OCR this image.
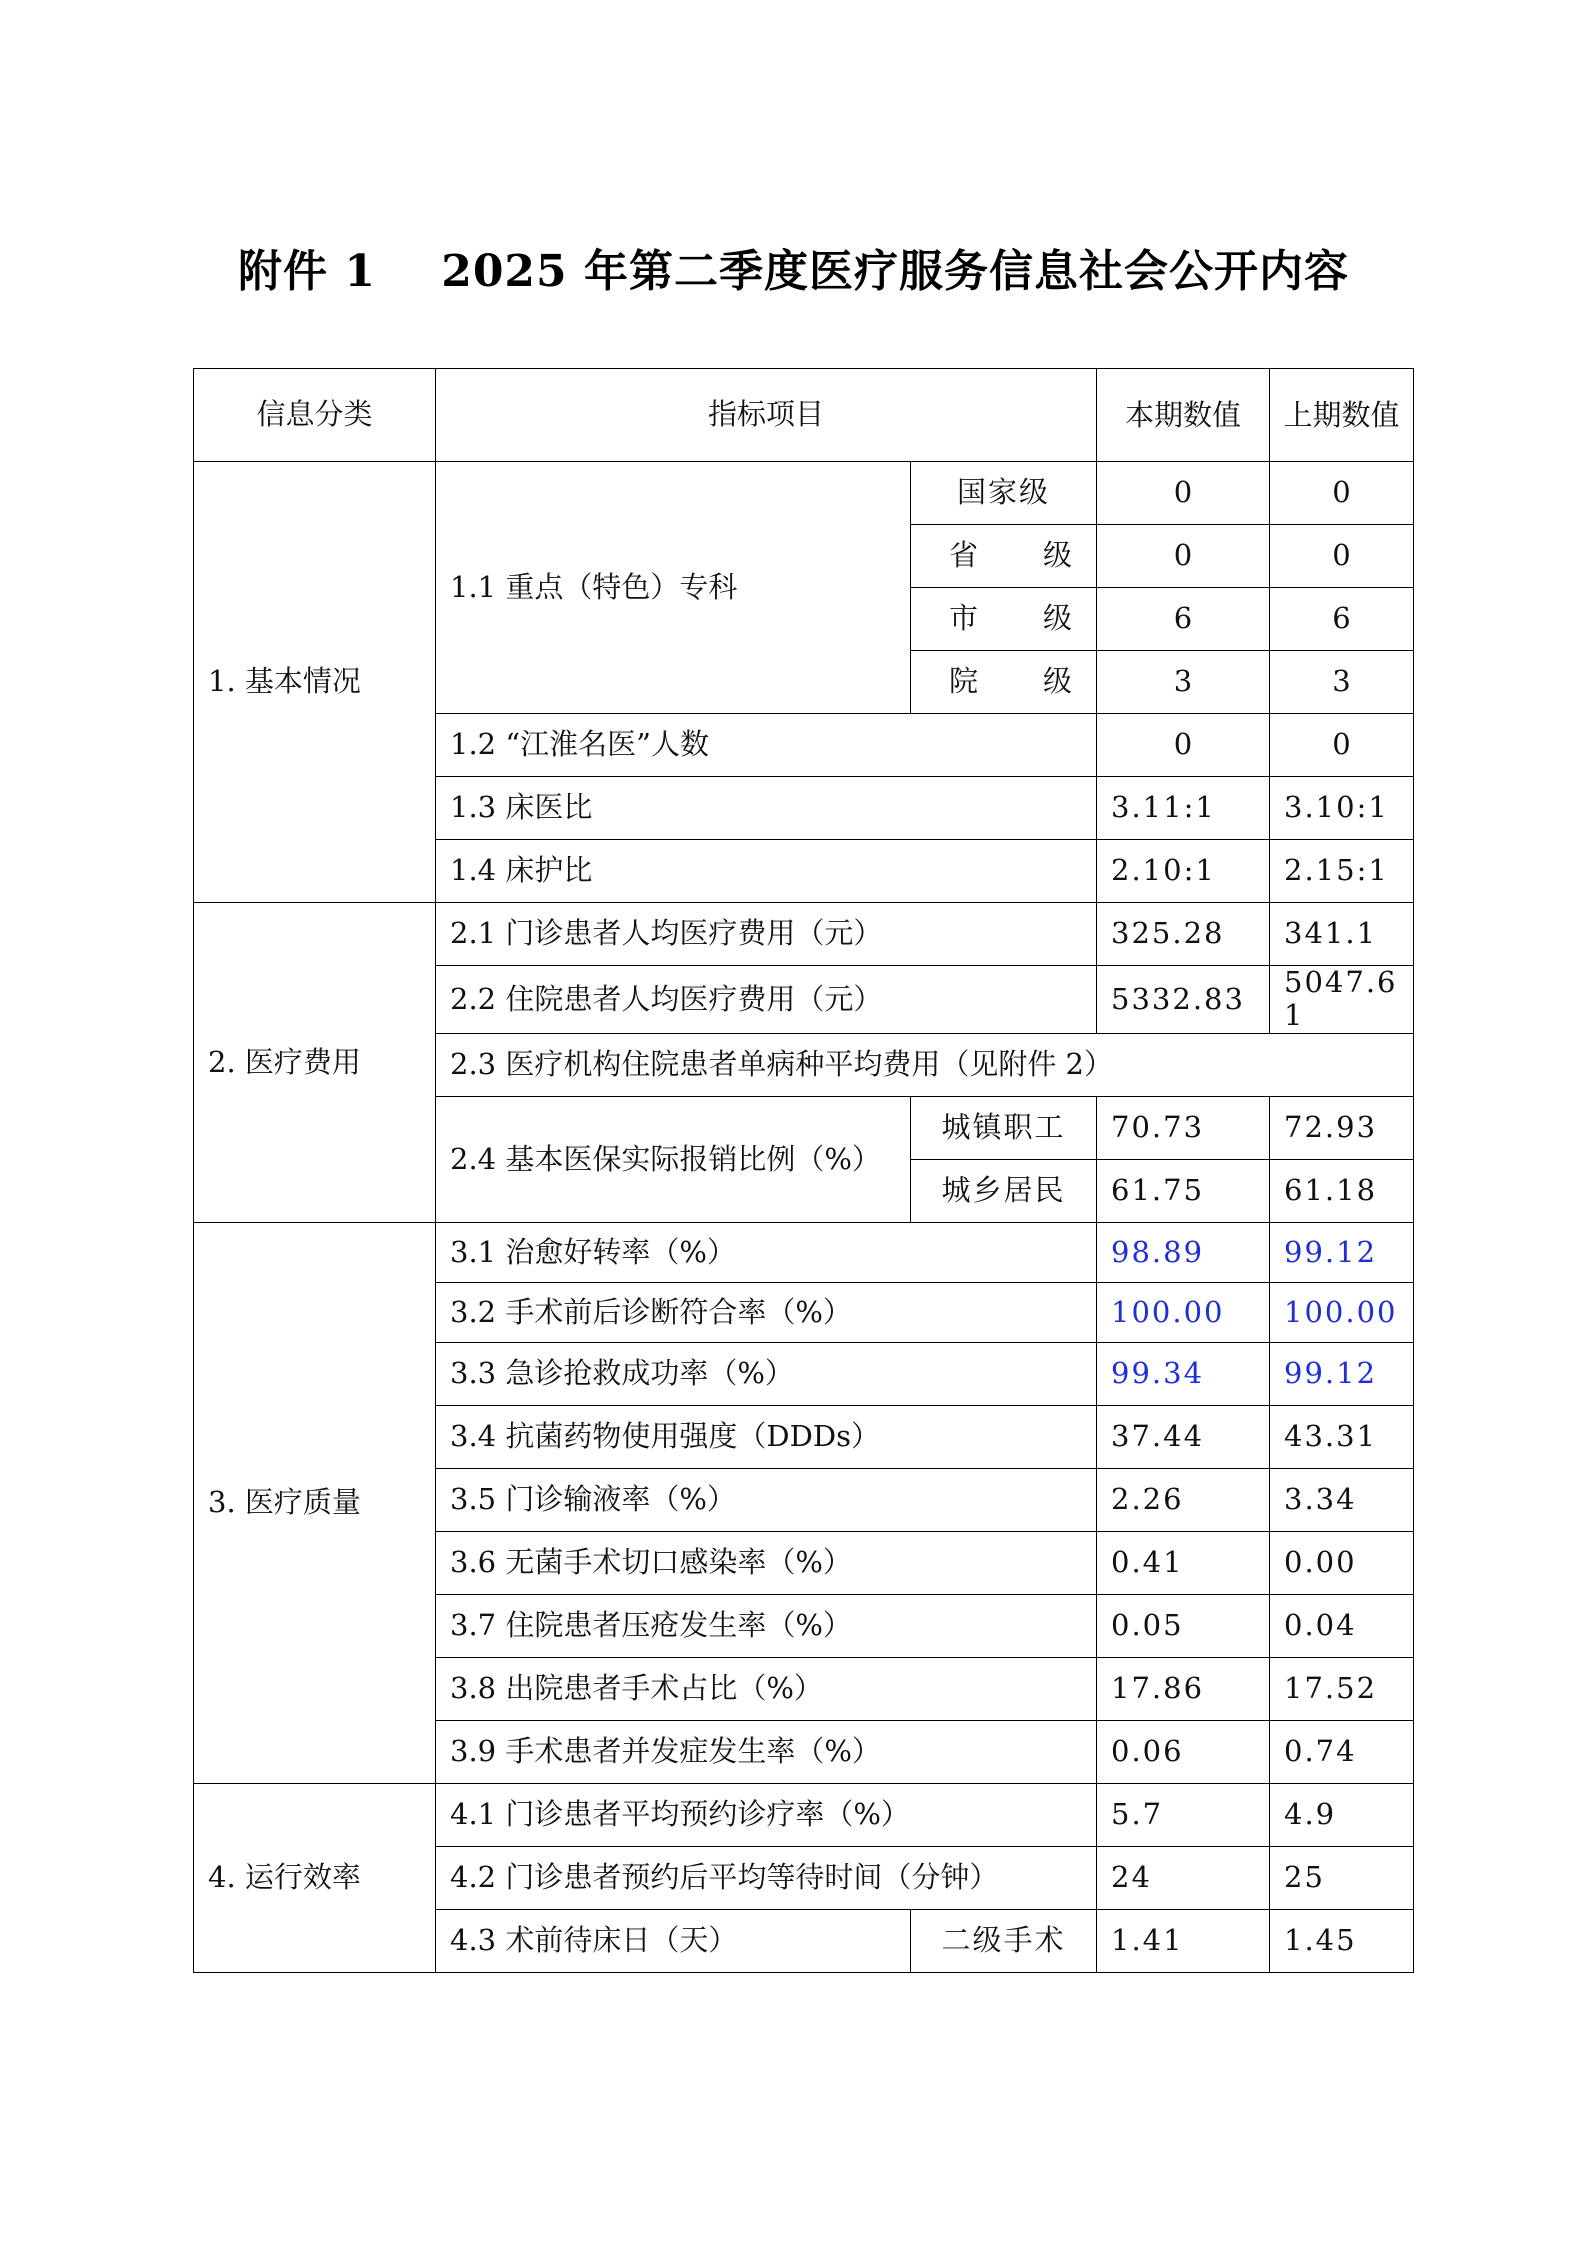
附件 1    2025 年第二季度医疗服务信息社会公开内容
信息分类	指标项目		本期数值	上期数值
1. 基本情况	1.1 重点（特色）专科	国家级	0	0
		省　级	0	0
		市　级	6	6
		院　级	3	3
	1.2 “江淮名医”人数		0	0
	1.3 床医比		3.11:1	3.10:1
	1.4 床护比		2.10:1	2.15:1
2. 医疗费用	2.1 门诊患者人均医疗费用（元）		325.28	341.1
	2.2 住院患者人均医疗费用（元）		5332.83	5047.61
	2.3 医疗机构住院患者单病种平均费用（见附件 2）			
	2.4 基本医保实际报销比例（%）	城镇职工	70.73	72.93
		城乡居民	61.75	61.18
3. 医疗质量	3.1 治愈好转率（%）		98.89	99.12
	3.2 手术前后诊断符合率（%）		100.00	100.00
	3.3 急诊抢救成功率（%）		99.34	99.12
	3.4 抗菌药物使用强度（DDDs）		37.44	43.31
	3.5 门诊输液率（%）		2.26	3.34
	3.6 无菌手术切口感染率（%）		0.41	0.00
	3.7 住院患者压疮发生率（%）		0.05	0.04
	3.8 出院患者手术占比（%）		17.86	17.52
	3.9 手术患者并发症发生率（%）		0.06	0.74
4. 运行效率	4.1 门诊患者平均预约诊疗率（%）		5.7	4.9
	4.2 门诊患者预约后平均等待时间（分钟）		24	25
	4.3 术前待床日（天）	二级手术	1.41	1.45
